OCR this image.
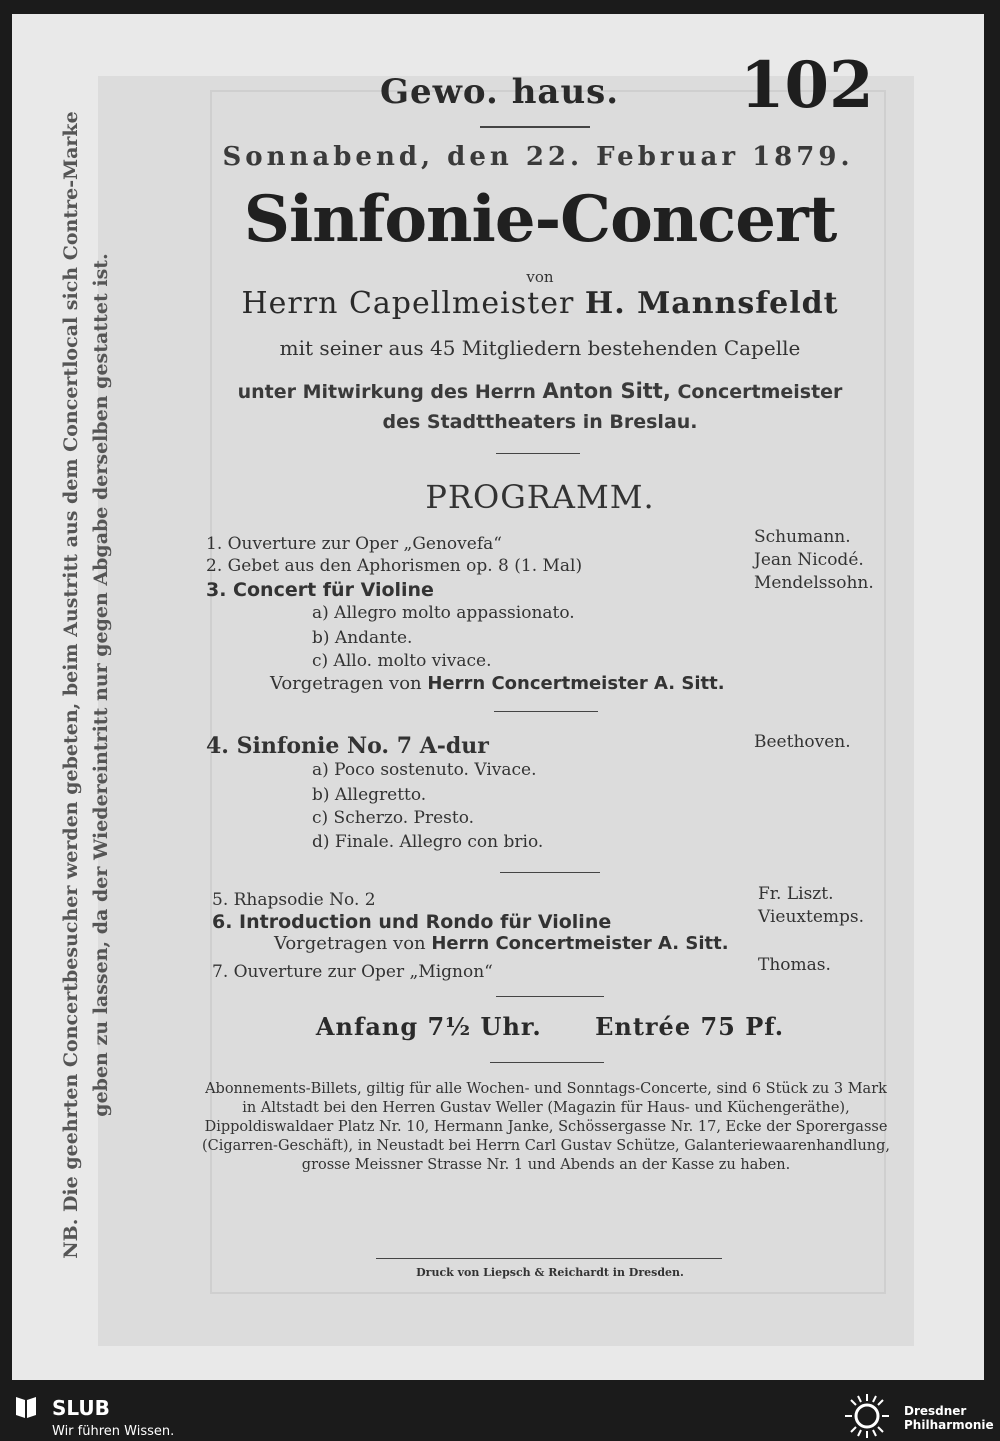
NB. Die geehrten Concertbesucher werden gebeten, beim Austritt aus dem Concertlocal sich Contre-Marke geben zu lassen, da der Wiedereintritt nur gegen Abgabe derselben gestattet ist.
Gewo. haus. 102
Sonnabend, den 22. Februar 1879.
Sinfonie-Concert
von
Herrn Capellmeister H. Mannsfeldt
mit seiner aus 45 Mitgliedern bestehenden Capelle
unter Mitwirkung des Herrn Anton Sitt, Concertmeister
des Stadttheaters in Breslau.
PROGRAMM.
1. Ouverture zur Oper „Genovefa“	Schumann.
2. Gebet aus den Aphorismen op. 8 (1. Mal)	Jean Nicodé.
3. Concert für Violine	Mendelssohn.
a) Allegro molto appassionato.
b) Andante.
c) Allo. molto vivace.
Vorgetragen von Herrn Concertmeister A. Sitt.
4. Sinfonie No. 7 A-dur	Beethoven.
a) Poco sostenuto. Vivace.
b) Allegretto.
c) Scherzo. Presto.
d) Finale. Allegro con brio.
5. Rhapsodie No. 2	Fr. Liszt.
6. Introduction und Rondo für Violine	Vieuxtemps.
Vorgetragen von Herrn Concertmeister A. Sitt.
7. Ouverture zur Oper „Mignon“	Thomas.
Anfang 7½ Uhr. Entrée 75 Pf.
Abonnements-Billets, giltig für alle Wochen- und Sonntags-Concerte, sind 6 Stück zu 3 Mark in Altstadt bei den Herren Gustav Weller (Magazin für Haus- und Küchengeräthe), Dippoldiswaldaer Platz Nr. 10, Hermann Janke, Schössergasse Nr. 17, Ecke der Sporergasse (Cigarren-Geschäft), in Neustadt bei Herrn Carl Gustav Schütze, Galanteriewaarenhandlung, grosse Meissner Strasse Nr. 1 und Abends an der Kasse zu haben.
Druck von Liepsch & Reichardt in Dresden.
SLUB
Wir führen Wissen.
Dresdner
Philharmonie
